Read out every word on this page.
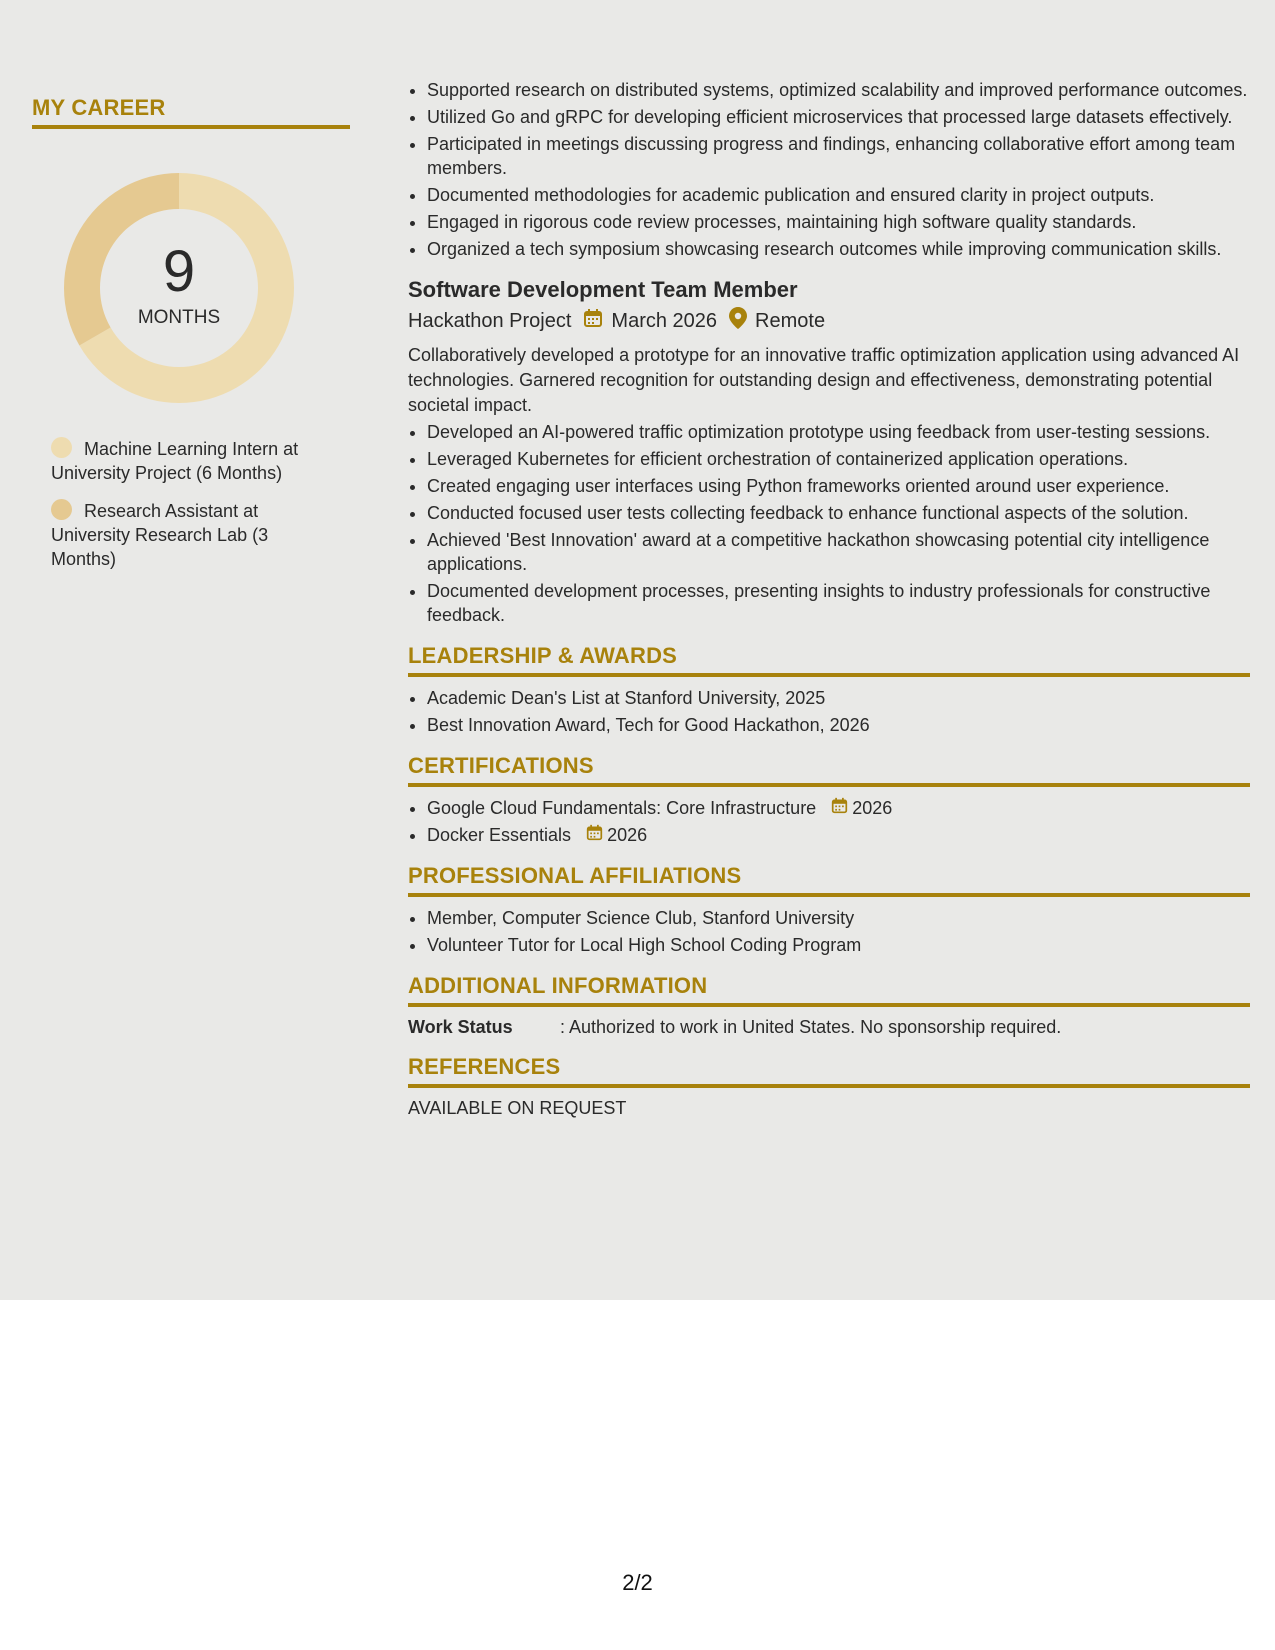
MY CAREER
9
MONTHS
Machine Learning Intern at University Project (6 Months)
Research Assistant at University Research Lab (3 Months)
• Supported research on distributed systems, optimized scalability and improved performance outcomes.
• Utilized Go and gRPC for developing efficient microservices that processed large datasets effectively.
• Participated in meetings discussing progress and findings, enhancing collaborative effort among team members.
• Documented methodologies for academic publication and ensured clarity in project outputs.
• Engaged in rigorous code review processes, maintaining high software quality standards.
• Organized a tech symposium showcasing research outcomes while improving communication skills.
Software Development Team Member
Hackathon Project March 2026 Remote
Collaboratively developed a prototype for an innovative traffic optimization application using advanced AI technologies. Garnered recognition for outstanding design and effectiveness, demonstrating potential societal impact.
• Developed an AI-powered traffic optimization prototype using feedback from user-testing sessions.
• Leveraged Kubernetes for efficient orchestration of containerized application operations.
• Created engaging user interfaces using Python frameworks oriented around user experience.
• Conducted focused user tests collecting feedback to enhance functional aspects of the solution.
• Achieved 'Best Innovation' award at a competitive hackathon showcasing potential city intelligence applications.
• Documented development processes, presenting insights to industry professionals for constructive feedback.
LEADERSHIP & AWARDS
• Academic Dean's List at Stanford University, 2025
• Best Innovation Award, Tech for Good Hackathon, 2026
CERTIFICATIONS
• Google Cloud Fundamentals: Core Infrastructure 2026
• Docker Essentials 2026
PROFESSIONAL AFFILIATIONS
• Member, Computer Science Club, Stanford University
• Volunteer Tutor for Local High School Coding Program
ADDITIONAL INFORMATION
Work Status	: Authorized to work in United States. No sponsorship required.
REFERENCES
AVAILABLE ON REQUEST
2/2
